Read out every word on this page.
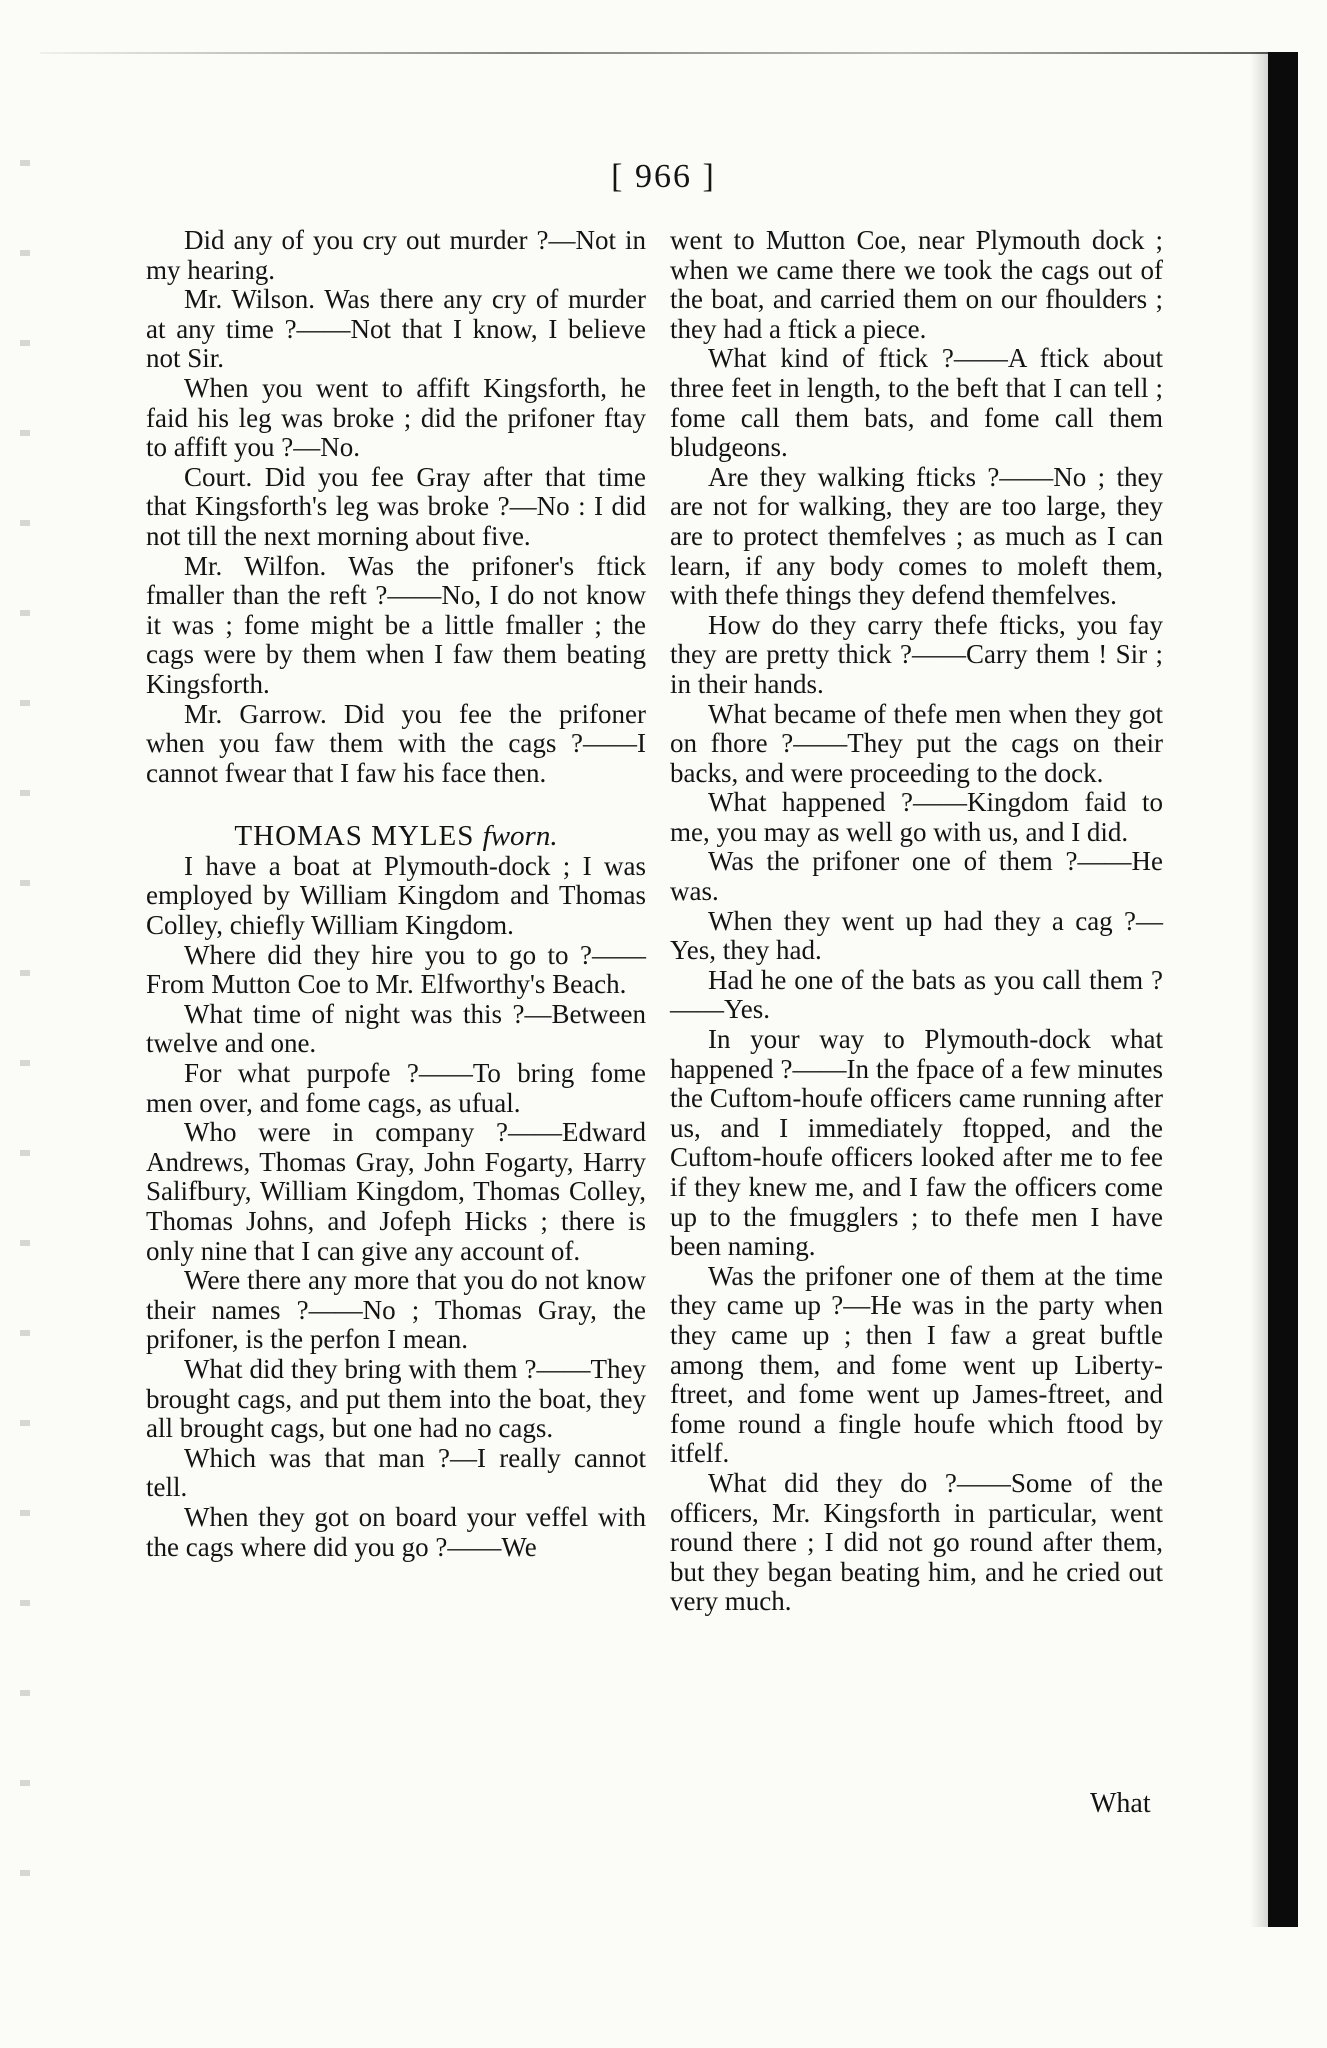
[ 966 ]

Did any of you cry out murder ?—Not in my hearing.

Mr. Wilson. Was there any cry of murder at any time ?——Not that I know, I believe not Sir.

When you went to affift Kingsforth, he faid his leg was broke ; did the prifoner ftay to affift you ?—No.

Court. Did you fee Gray after that time that Kingsforth's leg was broke ?—No : I did not till the next morning about five.

Mr. Wilfon. Was the prifoner's ftick fmaller than the reft ?——No, I do not know it was ; fome might be a little fmaller ; the cags were by them when I faw them beating Kingsforth.

Mr. Garrow. Did you fee the prifoner when you faw them with the cags ?——I cannot fwear that I faw his face then.

THOMAS MYLES fworn.

I have a boat at Plymouth-dock ; I was employed by William Kingdom and Thomas Colley, chiefly William Kingdom.

Where did they hire you to go to ?——From Mutton Coe to Mr. Elfworthy's Beach.

What time of night was this ?—Between twelve and one.

For what purpofe ?——To bring fome men over, and fome cags, as ufual.

Who were in company ?——Edward Andrews, Thomas Gray, John Fogarty, Harry Salifbury, William Kingdom, Thomas Colley, Thomas Johns, and Jofeph Hicks ; there is only nine that I can give any account of.

Were there any more that you do not know their names ?——No ; Thomas Gray, the prifoner, is the perfon I mean.

What did they bring with them ?——They brought cags, and put them into the boat, they all brought cags, but one had no cags.

Which was that man ?—I really cannot tell.

When they got on board your veffel with the cags where did you go ?——We

went to Mutton Coe, near Plymouth dock ; when we came there we took the cags out of the boat, and carried them on our fhoulders ; they had a ftick a piece.

What kind of ftick ?——A ftick about three feet in length, to the beft that I can tell ; fome call them bats, and fome call them bludgeons.

Are they walking fticks ?——No ; they are not for walking, they are too large, they are to protect themfelves ; as much as I can learn, if any body comes to moleft them, with thefe things they defend themfelves.

How do they carry thefe fticks, you fay they are pretty thick ?——Carry them ! Sir ; in their hands.

What became of thefe men when they got on fhore ?——They put the cags on their backs, and were proceeding to the dock.

What happened ?——Kingdom faid to me, you may as well go with us, and I did.

Was the prifoner one of them ?——He was.

When they went up had they a cag ?—Yes, they had.

Had he one of the bats as you call them ?——Yes.

In your way to Plymouth-dock what happened ?——In the fpace of a few minutes the Cuftom-houfe officers came running after us, and I immediately ftopped, and the Cuftom-houfe officers looked after me to fee if they knew me, and I faw the officers come up to the fmugglers ; to thefe men I have been naming.

Was the prifoner one of them at the time they came up ?—He was in the party when they came up ; then I faw a great buftle among them, and fome went up Liberty-ftreet, and fome went up James-ftreet, and fome round a fingle houfe which ftood by itfelf.

What did they do ?——Some of the officers, Mr. Kingsforth in particular, went round there ; I did not go round after them, but they began beating him, and he cried out very much.

What
